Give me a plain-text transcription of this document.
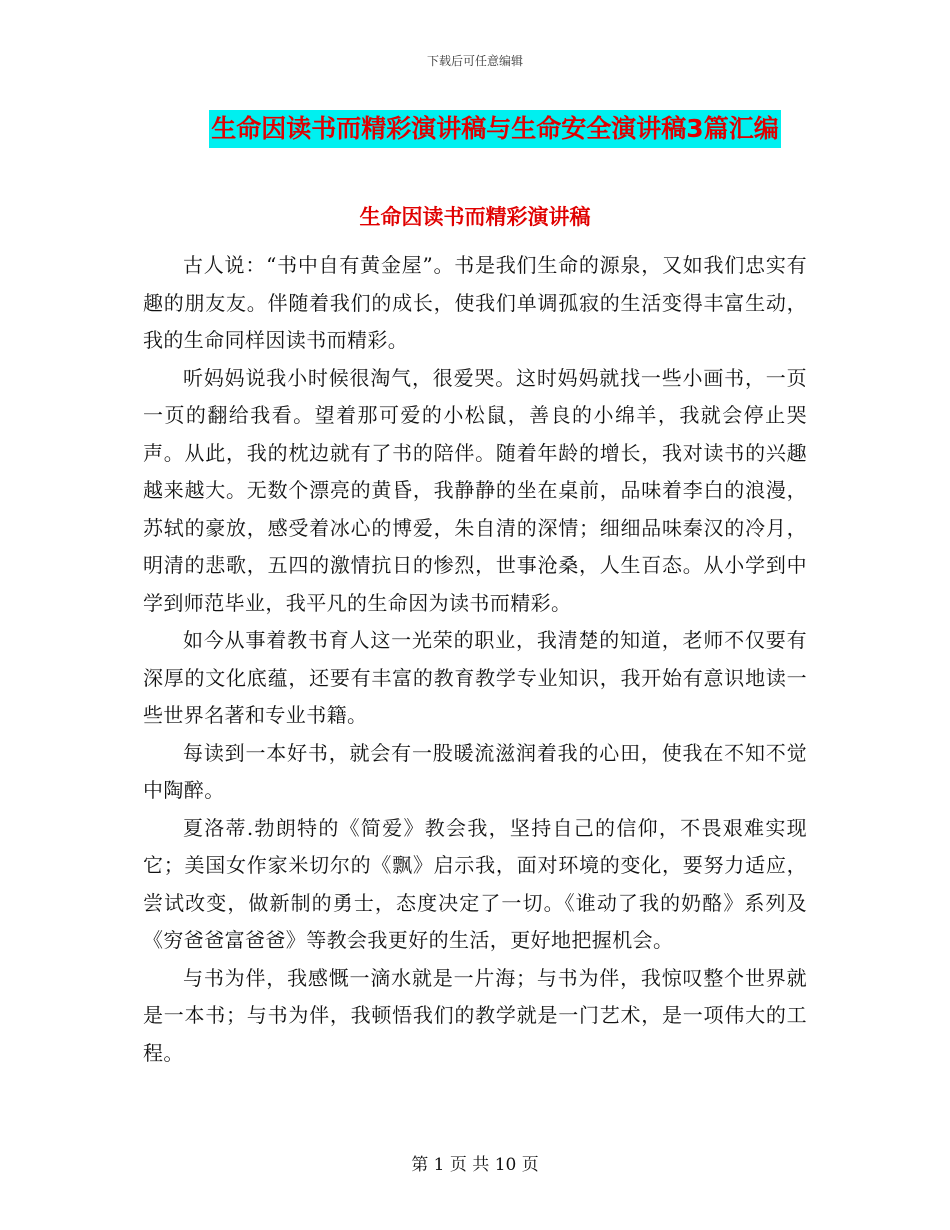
下载后可任意编辑
生命因读书而精彩演讲稿与生命安全演讲稿3篇汇编
生命因读书而精彩演讲稿

古人说：“书中自有黄金屋”。书是我们生命的源泉，又如我们忠实有趣的朋友友。伴随着我们的成长，使我们单调孤寂的生活变得丰富生动，我的生命同样因读书而精彩。

听妈妈说我小时候很淘气，很爱哭。这时妈妈就找一些小画书，一页一页的翻给我看。望着那可爱的小松鼠，善良的小绵羊，我就会停止哭声。从此，我的枕边就有了书的陪伴。随着年龄的增长，我对读书的兴趣越来越大。无数个漂亮的黄昏，我静静的坐在桌前，品味着李白的浪漫，苏轼的豪放，感受着冰心的博爱，朱自清的深情；细细品味秦汉的冷月，明清的悲歌，五四的激情抗日的惨烈，世事沧桑，人生百态。从小学到中学到师范毕业，我平凡的生命因为读书而精彩。

如今从事着教书育人这一光荣的职业，我清楚的知道，老师不仅要有深厚的文化底蕴，还要有丰富的教育教学专业知识，我开始有意识地读一些世界名著和专业书籍。

每读到一本好书，就会有一股暖流滋润着我的心田，使我在不知不觉中陶醉。

夏洛蒂.勃朗特的《简爱》教会我，坚持自己的信仰，不畏艰难实现它；美国女作家米切尔的《飘》启示我，面对环境的变化，要努力适应，尝试改变，做新制的勇士，态度决定了一切。《谁动了我的奶酪》系列及《穷爸爸富爸爸》等教会我更好的生活，更好地把握机会。

与书为伴，我感慨一滴水就是一片海；与书为伴，我惊叹整个世界就是一本书；与书为伴，我顿悟我们的教学就是一门艺术，是一项伟大的工程。

第 1 页 共 10 页
